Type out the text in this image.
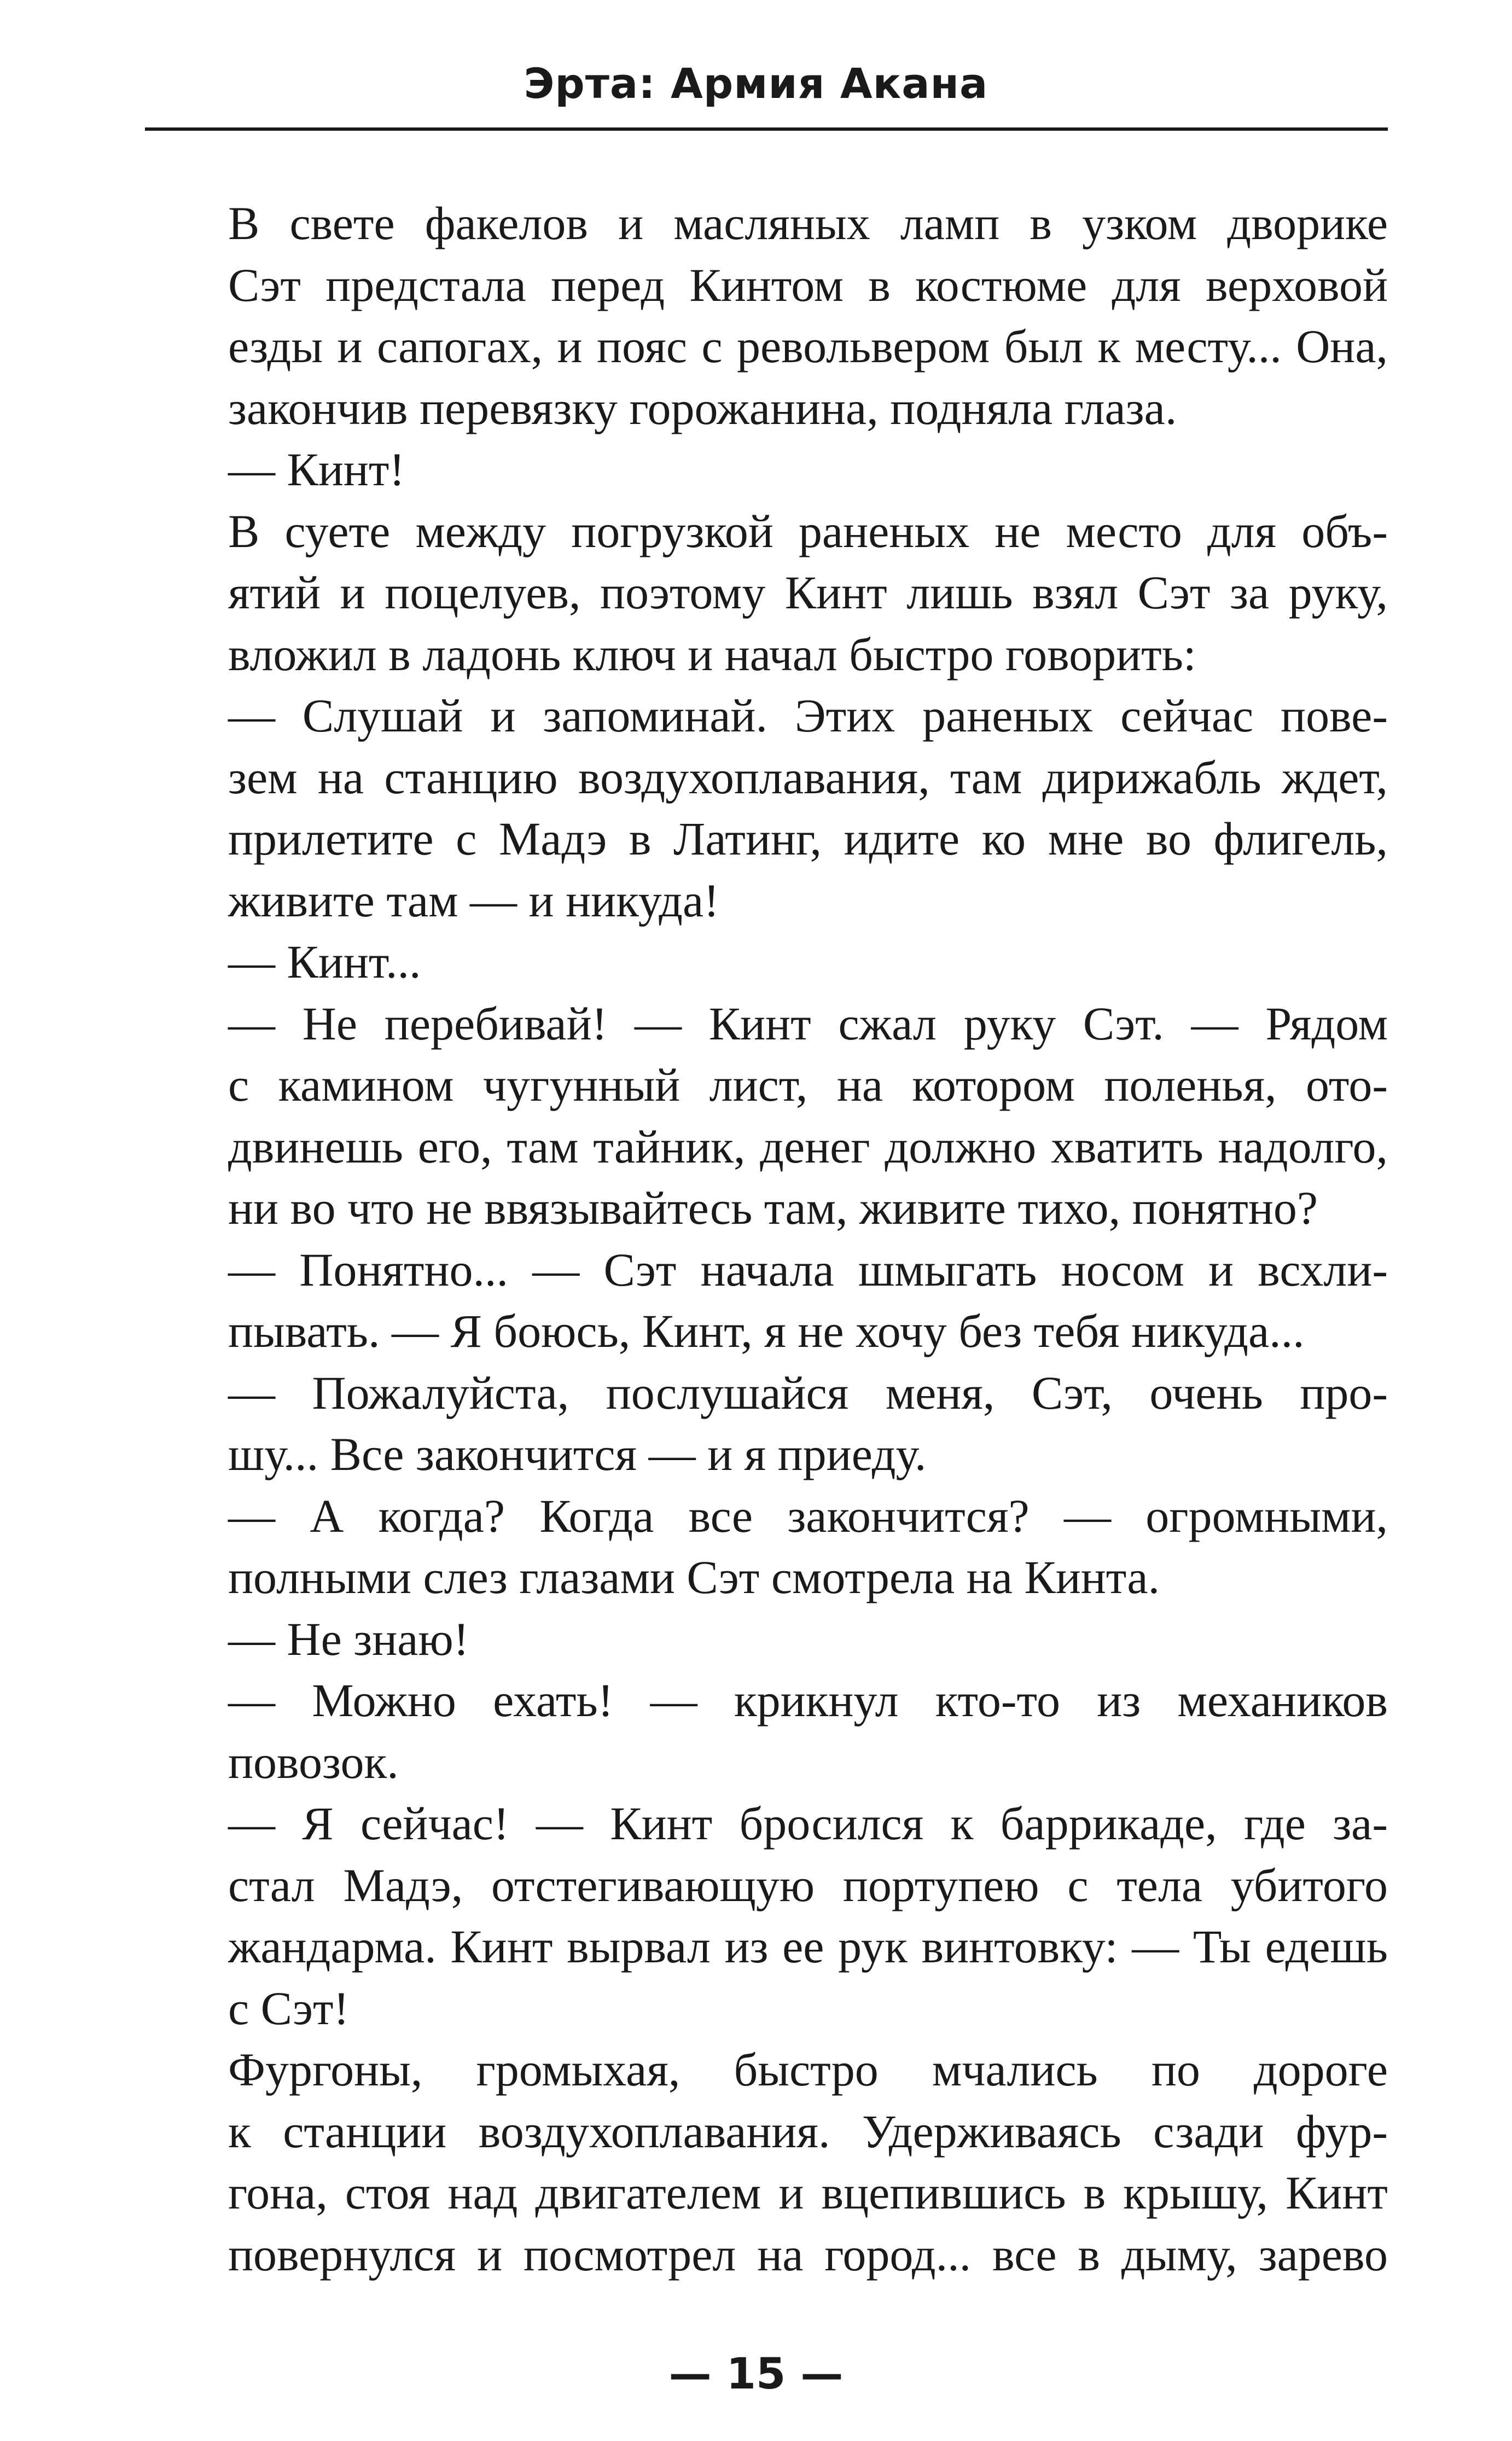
Эрта: Армия Акана

В свете факелов и масляных ламп в узком дворике
Сэт предстала перед Кинтом в костюме для верховой
езды и сапогах, и пояс с револьвером был к месту... Она,
закончив перевязку горожанина, подняла глаза.

— Кинт!

В суете между погрузкой раненых не место для объ-
ятий и поцелуев, поэтому Кинт лишь взял Сэт за руку,
вложил в ладонь ключ и начал быстро говорить:

— Слушай и запоминай. Этих раненых сейчас пове-
зем на станцию воздухоплавания, там дирижабль ждет,
прилетите с Мадэ в Латинг, идите ко мне во флигель,
живите там — и никуда!

— Кинт...

— Не перебивай! — Кинт сжал руку Сэт. — Рядом
с камином чугунный лист, на котором поленья, ото-
двинешь его, там тайник, денег должно хватить надолго,
ни во что не ввязывайтесь там, живите тихо, понятно?

— Понятно... — Сэт начала шмыгать носом и всхли-
пывать. — Я боюсь, Кинт, я не хочу без тебя никуда...

— Пожалуйста, послушайся меня, Сэт, очень про-
шу... Все закончится — и я приеду.

— А когда? Когда все закончится? — огромными,
полными слез глазами Сэт смотрела на Кинта.

— Не знаю!

— Можно ехать! — крикнул кто-то из механиков
повозок.

— Я сейчас! — Кинт бросился к баррикаде, где за-
стал Мадэ, отстегивающую портупею с тела убитого
жандарма. Кинт вырвал из ее рук винтовку: — Ты едешь
с Сэт!

Фургоны, громыхая, быстро мчались по дороге
к станции воздухоплавания. Удерживаясь сзади фур-
гона, стоя над двигателем и вцепившись в крышу, Кинт
повернулся и посмотрел на город... все в дыму, зарево

— 15 —
